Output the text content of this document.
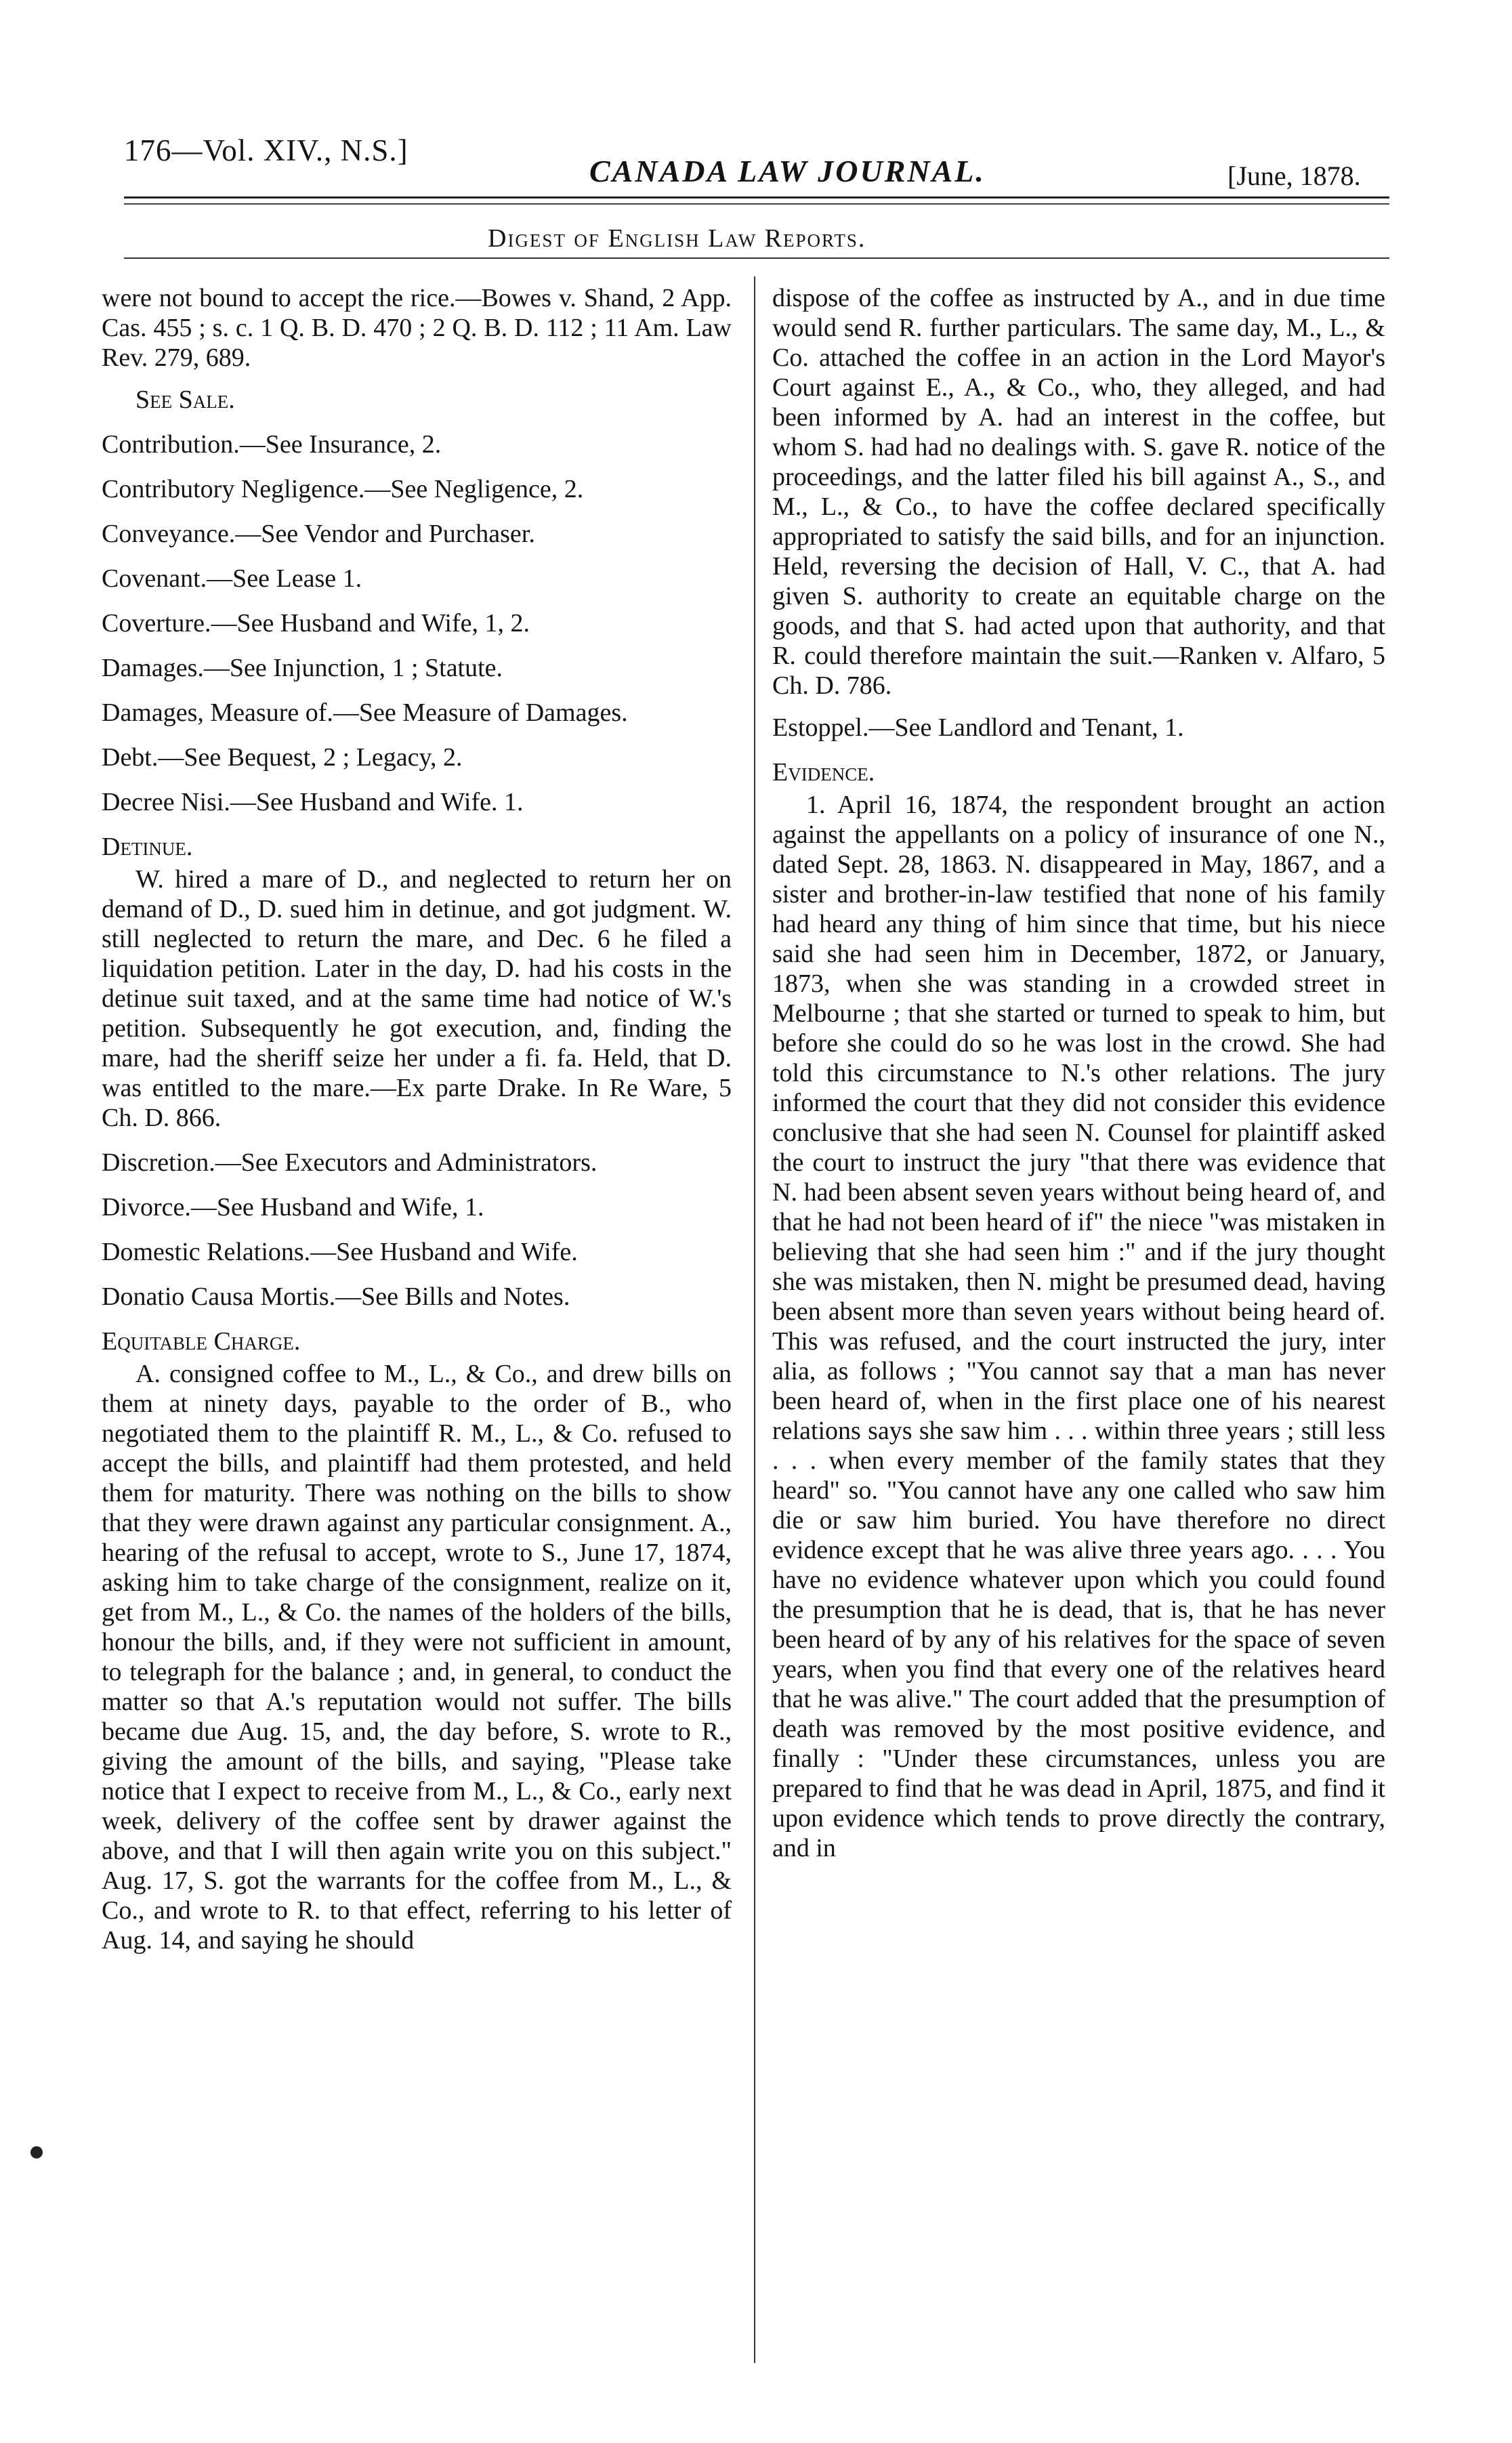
176—Vol. XIV., N.S.]
CANADA LAW JOURNAL.	[June, 1878.
Digest of English Law Reports.

were not bound to accept the rice.—Bowes v. Shand, 2 App. Cas. 455 ; s. c. 1 Q. B. D. 470 ; 2 Q. B. D. 112 ; 11 Am. Law Rev. 279, 689.

See Sale.

Contribution.—See Insurance, 2.

Contributory Negligence.—See Negligence, 2.

Conveyance.—See Vendor and Purchaser.

Covenant.—See Lease 1.

Coverture.—See Husband and Wife, 1, 2.

Damages.—See Injunction, 1 ; Statute.

Damages, Measure of.—See Measure of Damages.

Debt.—See Bequest, 2 ; Legacy, 2.

Decree Nisi.—See Husband and Wife. 1.

Detinue.

W. hired a mare of D., and neglected to return her on demand of D., D. sued him in detinue, and got judgment. W. still neglected to return the mare, and Dec. 6 he filed a liquidation petition. Later in the day, D. had his costs in the detinue suit taxed, and at the same time had notice of W.'s petition. Subsequently he got execution, and, finding the mare, had the sheriff seize her under a fi. fa. Held, that D. was entitled to the mare.—Ex parte Drake. In Re Ware, 5 Ch. D. 866.

Discretion.—See Executors and Administrators.

Divorce.—See Husband and Wife, 1.

Domestic Relations.—See Husband and Wife.

Donatio Causa Mortis.—See Bills and Notes.

Equitable Charge.

A. consigned coffee to M., L., & Co., and drew bills on them at ninety days, payable to the order of B., who negotiated them to the plaintiff R. M., L., & Co. refused to accept the bills, and plaintiff had them protested, and held them for maturity. There was nothing on the bills to show that they were drawn against any particular consignment. A., hearing of the refusal to accept, wrote to S., June 17, 1874, asking him to take charge of the consignment, realize on it, get from M., L., & Co. the names of the holders of the bills, honour the bills, and, if they were not sufficient in amount, to telegraph for the balance ; and, in general, to conduct the matter so that A.'s reputation would not suffer. The bills became due Aug. 15, and, the day before, S. wrote to R., giving the amount of the bills, and saying, "Please take notice that I expect to receive from M., L., & Co., early next week, delivery of the coffee sent by drawer against the above, and that I will then again write you on this subject." Aug. 17, S. got the warrants for the coffee from M., L., & Co., and wrote to R. to that effect, referring to his letter of Aug. 14, and saying he should

dispose of the coffee as instructed by A., and in due time would send R. further particulars. The same day, M., L., & Co. attached the coffee in an action in the Lord Mayor's Court against E., A., & Co., who, they alleged, and had been informed by A. had an interest in the coffee, but whom S. had had no dealings with. S. gave R. notice of the proceedings, and the latter filed his bill against A., S., and M., L., & Co., to have the coffee declared specifically appropriated to satisfy the said bills, and for an injunction. Held, reversing the decision of Hall, V. C., that A. had given S. authority to create an equitable charge on the goods, and that S. had acted upon that authority, and that R. could therefore maintain the suit.—Ranken v. Alfaro, 5 Ch. D. 786.

Estoppel.—See Landlord and Tenant, 1.

Evidence.

1. April 16, 1874, the respondent brought an action against the appellants on a policy of insurance of one N., dated Sept. 28, 1863. N. disappeared in May, 1867, and a sister and brother-in-law testified that none of his family had heard any thing of him since that time, but his niece said she had seen him in December, 1872, or January, 1873, when she was standing in a crowded street in Melbourne ; that she started or turned to speak to him, but before she could do so he was lost in the crowd. She had told this circumstance to N.'s other relations. The jury informed the court that they did not consider this evidence conclusive that she had seen N. Counsel for plaintiff asked the court to instruct the jury "that there was evidence that N. had been absent seven years without being heard of, and that he had not been heard of if" the niece "was mistaken in believing that she had seen him :" and if the jury thought she was mistaken, then N. might be presumed dead, having been absent more than seven years without being heard of. This was refused, and the court instructed the jury, inter alia, as follows ; "You cannot say that a man has never been heard of, when in the first place one of his nearest relations says she saw him . . . within three years ; still less . . . when every member of the family states that they heard" so. "You cannot have any one called who saw him die or saw him buried. You have therefore no direct evidence except that he was alive three years ago. . . . You have no evidence whatever upon which you could found the presumption that he is dead, that is, that he has never been heard of by any of his relatives for the space of seven years, when you find that every one of the relatives heard that he was alive." The court added that the presumption of death was removed by the most positive evidence, and finally : "Under these circumstances, unless you are prepared to find that he was dead in April, 1875, and find it upon evidence which tends to prove directly the contrary, and in
